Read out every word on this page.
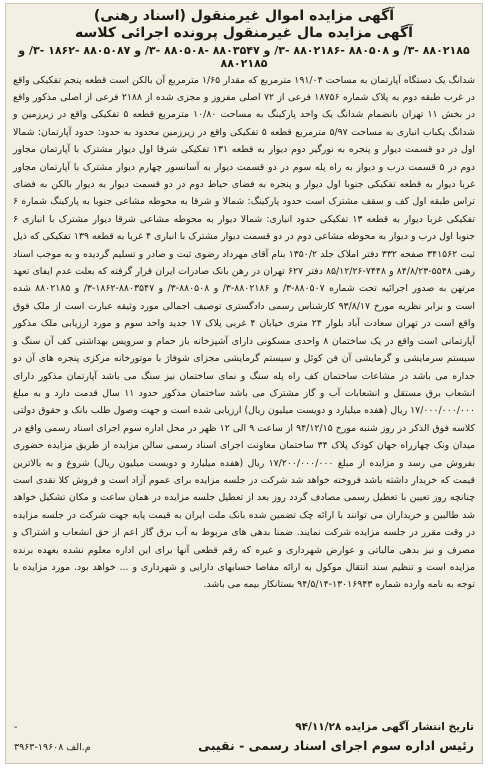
آگهی مزایده اموال غیرمنقول (اسناد رهنی)
آگهی مزایده مال غیرمنقول پرونده اجرائی کلاسه
۸۸۰۲۱۸۵ -۳/ و ۸۸۰۵۰۸ -۸۸۰۲۱۸۶ -۳/ و ۸۸۰۳۵۴۷ -۸۸۰۵۰۸ -۳/ و ۸۸۰۵۰۸۷ -۱۸۶۲ -۳/ و ۸۸۰۲۱۸۵

شدانگ یک دستگاه آپارتمان به مساحت ۱۹۱/۰۴ مترمربع که مقدار ۱/۶۵ مترمربع آن بالکن است قطعه پنجم تفکیکی واقع در غرب طبقه دوم به پلاک شماره ۱۸۷۵۶ فرعی از ۷۲ اصلی مفروز و مجزی شده از ۲۱۸۸ فرعی از اصلی مذکور واقع در بخش ۱۱ تهران بانضمام شدانگ یک واحد پارکینگ به مساحت ۱۰/۸۰ مترمربع قطعه ۵ تفکیکی واقع در زیرزمین و شدانگ یکباب انباری به مساحت ۵/۹۷ مترمربع قطعه ۵ تفکیکی واقع در زیرزمین محدود به حدود: حدود آپارتمان: شمالا اول در دو قسمت دیوار و پنجره به نورگیر دوم دیوار به قطعه ۱۳۱ تفکیکی شرقا اول دیوار مشترک با آپارتمان مجاور دوم در ۵ قسمت درب و دیوار به راه پله سوم در دو قسمت دیوار به آسانسور چهارم دیوار مشترک با آپارتمان مجاور غربا دیوار به قطعه تفکیکی جنوبا اول دیوار و پنجره به فضای حیاط دوم در دو قسمت دیوار به دیوار بالکن به فضای تراس طبقه اول کف و سقف مشترک است حدود پارکینگ: شمالا و شرقا به محوطه مشاعی جنوبا به پارکینگ شماره ۶ تفکیکی غربا دیوار به قطعه ۱۳ تفکیکی حدود انباری: شمالا دیوار به محوطه مشاعی شرقا دیوار مشترک با انباری ۶ جنوبا اول درب و دیوار به محوطه مشاعی دوم در دو قسمت دیوار مشترک با انباری ۴ غربا به قطعه ۱۳۹ تفکیکی که ذیل ثبت ۳۴۱۵۶۲ صفحه ۳۳۲ دفتر املاک جلد ۱۳۵۰/۲ بنام آقای مهرداد رضوی ثبت و صادر و تسلیم گردیده و به موجب اسناد رهنی ۵۵۴۸-۸۴/۸/۲۳ و ۷۴۴۸-۸۵/۱۲/۲۶ دفتر ۶۲۷ تهران در رهن بانک صادرات ایران قرار گرفته که بعلت عدم ایفای تعهد مرتهن به صدور اجرائیه تحت شماره ۸۸۰۵۰۷-۳/ و ۸۸۰۲۱۸۶-۳/ و ۸۸۰۵۰۸-۳/ و ۸۸۰۳۵۴۷-۱۸۶۲-۳/ و ۸۸۰۲۱۸۵ شده است و برابر نظریه مورخ ۹۳/۸/۱۷ کارشناس رسمی دادگستری توصیف اجمالی مورد وثیقه عبارت است از ملک فوق واقع است در تهران سعادت آباد بلوار ۲۴ متری خیابان ۴ غربی پلاک ۱۷ جدید واحد سوم و مورد ارزیابی ملک مذکور آپارتمانی است واقع در یک ساختمان ۸ واحدی مسکونی دارای آشپزخانه باز حمام و سرویس بهداشتی کف آن سنگ و سیستم سرمایشی و گرمایشی آن فن کوئل و سیستم گرمایشی مجزای شوفاژ با موتورخانه مرکزی پنجره های آن دو جداره می باشد در مشاعات ساختمان کف راه پله سنگ و نمای ساختمان نیز سنگ می باشد آپارتمان مذکور دارای انشعاب برق مستقل و انشعابات آب و گاز مشترک می باشد ساختمان مذکور حدود ۱۱ سال قدمت دارد و به مبلغ ۱۷/۰۰۰/۰۰۰/۰۰۰ ریال (هفده میلیارد و دویست میلیون ریال) ارزیابی شده است و جهت وصول طلب بانک و حقوق دولتی کلاسه فوق الذکر در روز شنبه مورخ ۹۴/۱۲/۱۵ از ساعت ۹ الی ۱۲ ظهر در محل اداره سوم اجرای اسناد رسمی واقع در میدان ونک چهارراه جهان کودک پلاک ۳۴ ساختمان معاونت اجرای اسناد رسمی سالن مزایده از طریق مزایده حضوری بفروش می رسد و مزایده از مبلغ ۱۷/۲۰۰/۰۰۰/۰۰۰ ریال (هفده میلیارد و دویست میلیون ریال) شروع و به بالاترین قیمت که خریدار داشته باشد فروخته خواهد شد شرکت در جلسه مزایده برای عموم آزاد است و فروش کلا نقدی است چنانچه روز تعیین با تعطیل رسمی مصادف گردد روز بعد از تعطیل جلسه مزایده در همان ساعت و مکان تشکیل خواهد شد طالبین و خریداران می توانند با ارائه چک تضمین شده بانک ملت ایران به قیمت پایه جهت شرکت در جلسه مزایده در وقت مقرر در جلسه مزایده شرکت نمایند. ضمنا بدهی های مربوط به آب برق گاز اعم از حق انشعاب و اشتراک و مصرف و نیز بدهی مالیاتی و عوارض شهرداری و غیره که رقم قطعی آنها برای این اداره معلوم نشده بعهده برنده مزایده است و تنظیم سند انتقال موکول به ارائه مفاصا حسابهای دارایی و شهرداری و ... خواهد بود. مورد مزایده با توجه به نامه وارده شماره ۱۳۰۱۶۹۴۳-۹۴/۵/۱۴ بستانکار بیمه می باشد.

تاریخ انتشار آگهی مزایده ۹۴/۱۱/۲۸
-
رئیس اداره سوم اجرای اسناد رسمی - نقیبی
م.الف ۱۹۶۰۸-۳۹۶۳
